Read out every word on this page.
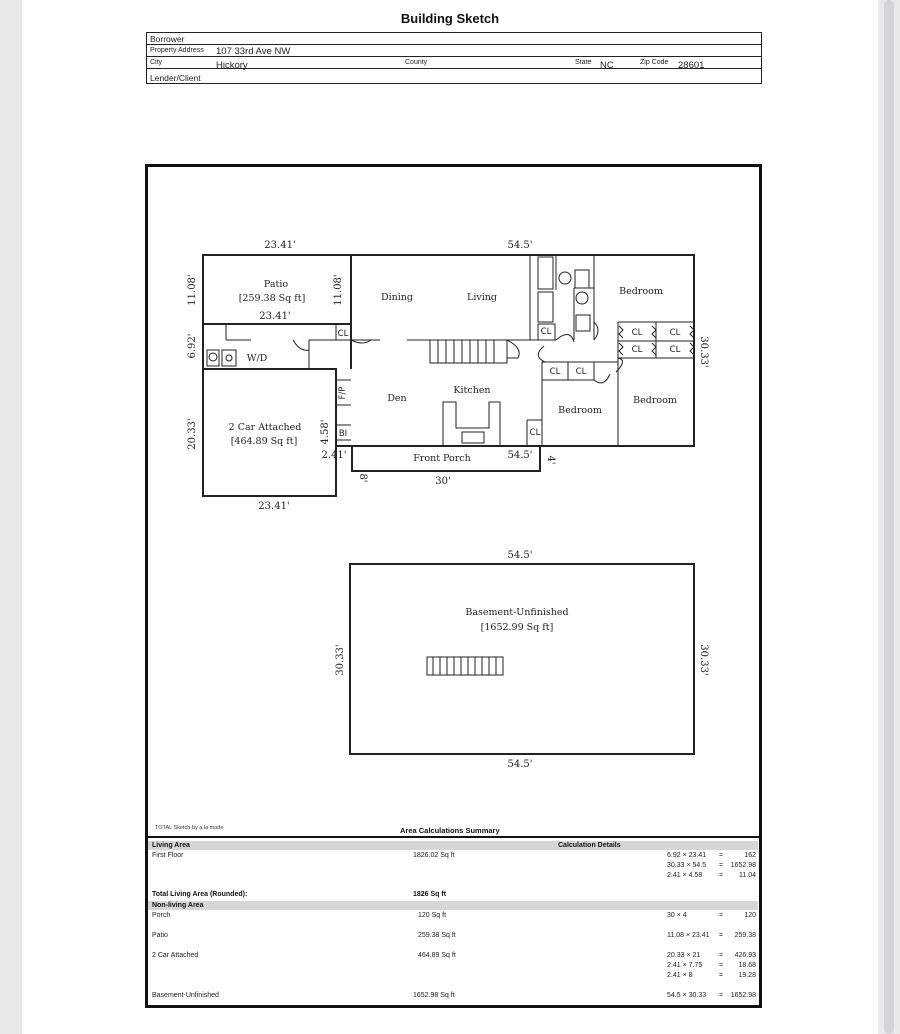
Building Sketch
Borrower
Property Address 107 33rd Ave NW
City	Hickory	County	State NC	Zip Code 28601
Lender/Client
Patio
[259.38 Sq ft]	Dining	Living
Bedroom
W/D
Den
Kitchen
Bedroom
Bedroom
2 Car Attached
[464.89 Sq ft]
Front Porch
F/P
BI
CL	CL	CL	CL
CL	CL
CL CL
CL
23.41'	54.5'
11.08'	11.08'
23.41'
6.92'	30.33'
20.33'	4.58'
2.41'	54.5' 4'
8'	30'
23.41'
Basement-Unfinished
[1652.99 Sq ft]
54.5'
30.33'	30.33'
54.5'
TOTAL Sketch by a la mode	Area Calculations Summary
Living Area	Calculation Details
First Floor	1826.02 Sq ft	6.92 × 23.41 =	162
30.33 × 54.5 =	1652.98
2.41 × 4.58 =	11.04
Total Living Area (Rounded):	1826 Sq ft
Non-living Area
Porch	120 Sq ft	30 × 4	=	120
Patio	259.38 Sq ft	11.08 × 23.41 =	259.38
2 Car Attached	464.89 Sq ft	20.33 × 21	=	426.93
2.41 × 7.75 =	18.68
2.41 × 8	=	19.28
Basement-Unfinished	1652.98 Sq ft	54.5 × 30.33 =	1652.98
